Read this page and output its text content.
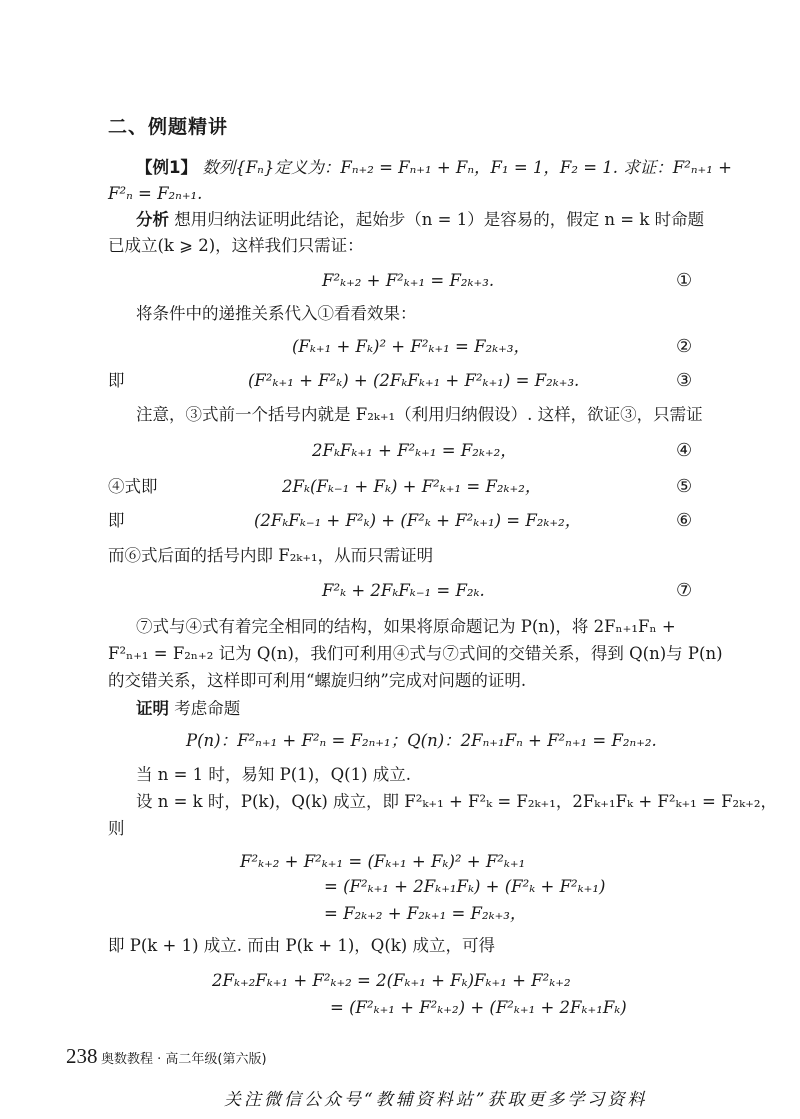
二、例题精讲
【例1】 数列{Fₙ}定义为：Fₙ₊₂ = Fₙ₊₁ + Fₙ，F₁ = 1，F₂ = 1. 求证：F²ₙ₊₁ +
F²ₙ = F₂ₙ₊₁.
分析 想用归纳法证明此结论，起始步（n = 1）是容易的，假定 n = k 时命题
已成立(k ⩾ 2)，这样我们只需证：
F²ₖ₊₂ + F²ₖ₊₁ = F₂ₖ₊₃.	①
将条件中的递推关系代入①看看效果：
(Fₖ₊₁ + Fₖ)² + F²ₖ₊₁ = F₂ₖ₊₃，	②
即	(F²ₖ₊₁ + F²ₖ) + (2FₖFₖ₊₁ + F²ₖ₊₁) = F₂ₖ₊₃.	③
注意，③式前一个括号内就是 F₂ₖ₊₁（利用归纳假设）. 这样，欲证③，只需证
2FₖFₖ₊₁ + F²ₖ₊₁ = F₂ₖ₊₂，	④
④式即	2Fₖ(Fₖ₋₁ + Fₖ) + F²ₖ₊₁ = F₂ₖ₊₂，	⑤
即	(2FₖFₖ₋₁ + F²ₖ) + (F²ₖ + F²ₖ₊₁) = F₂ₖ₊₂，	⑥
而⑥式后面的括号内即 F₂ₖ₊₁，从而只需证明
F²ₖ + 2FₖFₖ₋₁ = F₂ₖ.	⑦
⑦式与④式有着完全相同的结构，如果将原命题记为 P(n)，将 2Fₙ₊₁Fₙ +
F²ₙ₊₁ = F₂ₙ₊₂ 记为 Q(n)，我们可利用④式与⑦式间的交错关系，得到 Q(n)与 P(n)
的交错关系，这样即可利用“螺旋归纳”完成对问题的证明.
证明 考虑命题
P(n)：F²ₙ₊₁ + F²ₙ = F₂ₙ₊₁；Q(n)：2Fₙ₊₁Fₙ + F²ₙ₊₁ = F₂ₙ₊₂.
当 n = 1 时，易知 P(1)，Q(1) 成立.
设 n = k 时，P(k)，Q(k) 成立，即 F²ₖ₊₁ + F²ₖ = F₂ₖ₊₁，2Fₖ₊₁Fₖ + F²ₖ₊₁ = F₂ₖ₊₂，
则
F²ₖ₊₂ + F²ₖ₊₁ = (Fₖ₊₁ + Fₖ)² + F²ₖ₊₁
= (F²ₖ₊₁ + 2Fₖ₊₁Fₖ) + (F²ₖ + F²ₖ₊₁)
= F₂ₖ₊₂ + F₂ₖ₊₁ = F₂ₖ₊₃，
即 P(k + 1) 成立. 而由 P(k + 1)，Q(k) 成立，可得
2Fₖ₊₂Fₖ₊₁ + F²ₖ₊₂ = 2(Fₖ₊₁ + Fₖ)Fₖ₊₁ + F²ₖ₊₂
= (F²ₖ₊₁ + F²ₖ₊₂) + (F²ₖ₊₁ + 2Fₖ₊₁Fₖ)
238 奥数教程 · 高二年级(第六版)
关注微信公众号“教辅资料站”获取更多学习资料
